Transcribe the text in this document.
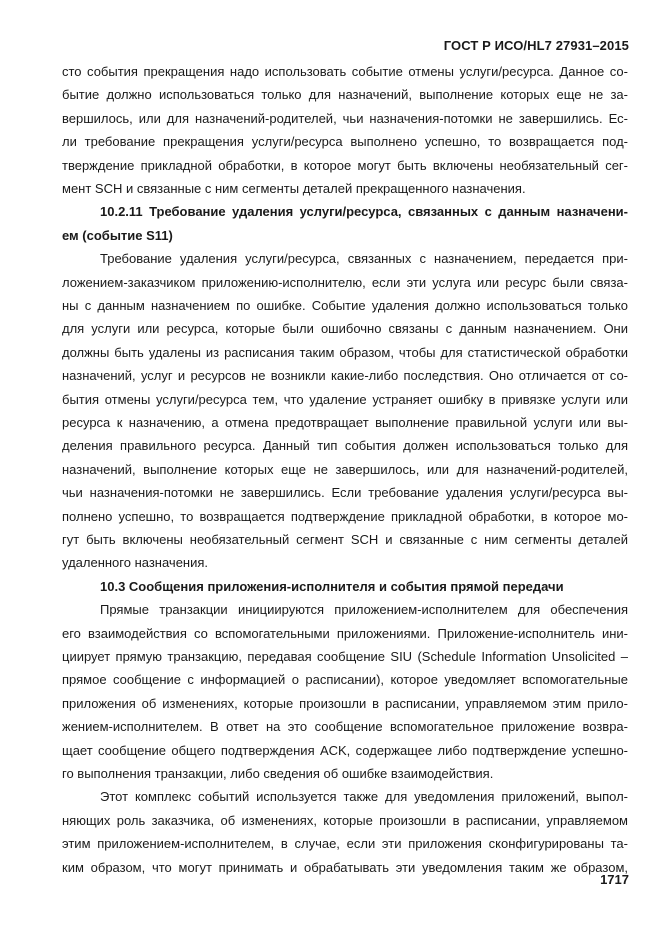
ГОСТ Р ИСО/HL7 27931–2015
сто события прекращения надо использовать событие отмены услуги/ресурса. Данное со-
бытие должно использоваться только для назначений, выполнение которых еще не за-
вершилось, или для назначений-родителей, чьи назначения-потомки не завершились. Ес-
ли требование прекращения услуги/ресурса выполнено успешно, то возвращается под-
тверждение прикладной обработки, в которое могут быть включены необязательный сег-
мент SCH и связанные с ним сегменты деталей прекращенного назначения.
10.2.11 Требование удаления услуги/ресурса, связанных с данным назначени-
ем (событие S11)
Требование удаления услуги/ресурса, связанных с назначением, передается при-
ложением-заказчиком приложению-исполнителю, если эти услуга или ресурс были связа-
ны с данным назначением по ошибке. Событие удаления должно использоваться только
для услуги или ресурса, которые были ошибочно связаны с данным назначением. Они
должны быть удалены из расписания таким образом, чтобы для статистической обработки
назначений, услуг и ресурсов не возникли какие-либо последствия. Оно отличается от со-
бытия отмены услуги/ресурса тем, что удаление устраняет ошибку в привязке услуги или
ресурса к назначению, а отмена предотвращает выполнение правильной услуги или вы-
деления правильного ресурса. Данный тип события должен использоваться только для
назначений, выполнение которых еще не завершилось, или для назначений-родителей,
чьи назначения-потомки не завершились. Если требование удаления услуги/ресурса вы-
полнено успешно, то возвращается подтверждение прикладной обработки, в которое мо-
гут быть включены необязательный сегмент SCH и связанные с ним сегменты деталей
удаленного назначения.
10.3 Сообщения приложения-исполнителя и события прямой передачи
Прямые транзакции инициируются приложением-исполнителем для обеспечения
его взаимодействия со вспомогательными приложениями. Приложение-исполнитель ини-
циирует прямую транзакцию, передавая сообщение SIU (Schedule Information Unsolicited –
прямое сообщение с информацией о расписании), которое уведомляет вспомогательные
приложения об изменениях, которые произошли в расписании, управляемом этим прило-
жением-исполнителем. В ответ на это сообщение вспомогательное приложение возвра-
щает сообщение общего подтверждения ACK, содержащее либо подтверждение успешно-
го выполнения транзакции, либо сведения об ошибке взаимодействия.
Этот комплекс событий используется также для уведомления приложений, выпол-
няющих роль заказчика, об изменениях, которые произошли в расписании, управляемом
этим приложением-исполнителем, в случае, если эти приложения сконфигурированы та-
ким образом, что могут принимать и обрабатывать эти уведомления таким же образом,
1717
